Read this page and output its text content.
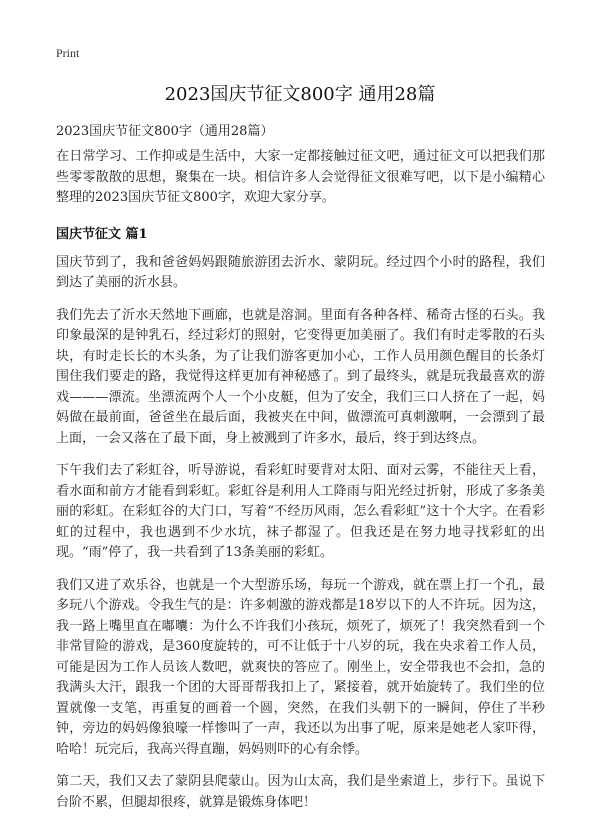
Print
2023国庆节征文800字 通用28篇
2023国庆节征文800字（通用28篇）

在日常学习、工作抑或是生活中，大家一定都接触过征文吧，通过征文可以把我们那些零零散散的思想，聚集在一块。相信许多人会觉得征文很难写吧，以下是小编精心整理的2023国庆节征文800字，欢迎大家分享。

国庆节征文 篇1

国庆节到了，我和爸爸妈妈跟随旅游团去沂水、蒙阴玩。经过四个小时的路程，我们到达了美丽的沂水县。

我们先去了沂水天然地下画廊，也就是溶洞。里面有各种各样、稀奇古怪的石头。我印象最深的是钟乳石，经过彩灯的照射，它变得更加美丽了。我们有时走零散的石头块，有时走长长的木头条，为了让我们游客更加小心，工作人员用颜色醒目的长条灯围住我们要走的路，我觉得这样更加有神秘感了。到了最终头，就是玩我最喜欢的游戏———漂流。坐漂流两个人一个小皮艇，但为了安全，我们三口人挤在了一起，妈妈做在最前面，爸爸坐在最后面，我被夹在中间，做漂流可真刺激啊，一会漂到了最上面，一会又落在了最下面，身上被溅到了许多水，最后，终于到达终点。

下午我们去了彩虹谷，听导游说，看彩虹时要背对太阳、面对云雾，不能往天上看，看水面和前方才能看到彩虹。彩虹谷是利用人工降雨与阳光经过折射，形成了多条美丽的彩虹。在彩虹谷的大门口，写着“不经历风雨，怎么看彩虹”这十个大字。在看彩虹的过程中，我也遇到不少水坑，袜子都湿了。但我还是在努力地寻找彩虹的出现。“雨”停了，我一共看到了13条美丽的彩虹。

我们又进了欢乐谷，也就是一个大型游乐场，每玩一个游戏，就在票上打一个孔，最多玩八个游戏。令我生气的是：许多刺激的游戏都是18岁以下的人不许玩。因为这，我一路上嘴里直在嘟囔：为什么不许我们小孩玩，烦死了，烦死了！我突然看到一个非常冒险的游戏，是360度旋转的，可不让低于十八岁的玩，我在央求着工作人员，可能是因为工作人员该人数吧，就爽快的答应了。刚坐上，安全带我也不会扣，急的我满头大汗，跟我一个团的大哥哥帮我扣上了，紧接着，就开始旋转了。我们坐的位置就像一支笔，再重复的画着一个圆，突然，在我们头朝下的一瞬间，停住了半秒钟，旁边的妈妈像狼嚎一样惨叫了一声，我还以为出事了呢，原来是她老人家吓得，哈哈！玩完后，我高兴得直蹦，妈妈则吓的心有余悸。

第二天，我们又去了蒙阴县爬蒙山。因为山太高，我们是坐索道上，步行下。虽说下台阶不累，但腿却很疼，就算是锻炼身体吧！
